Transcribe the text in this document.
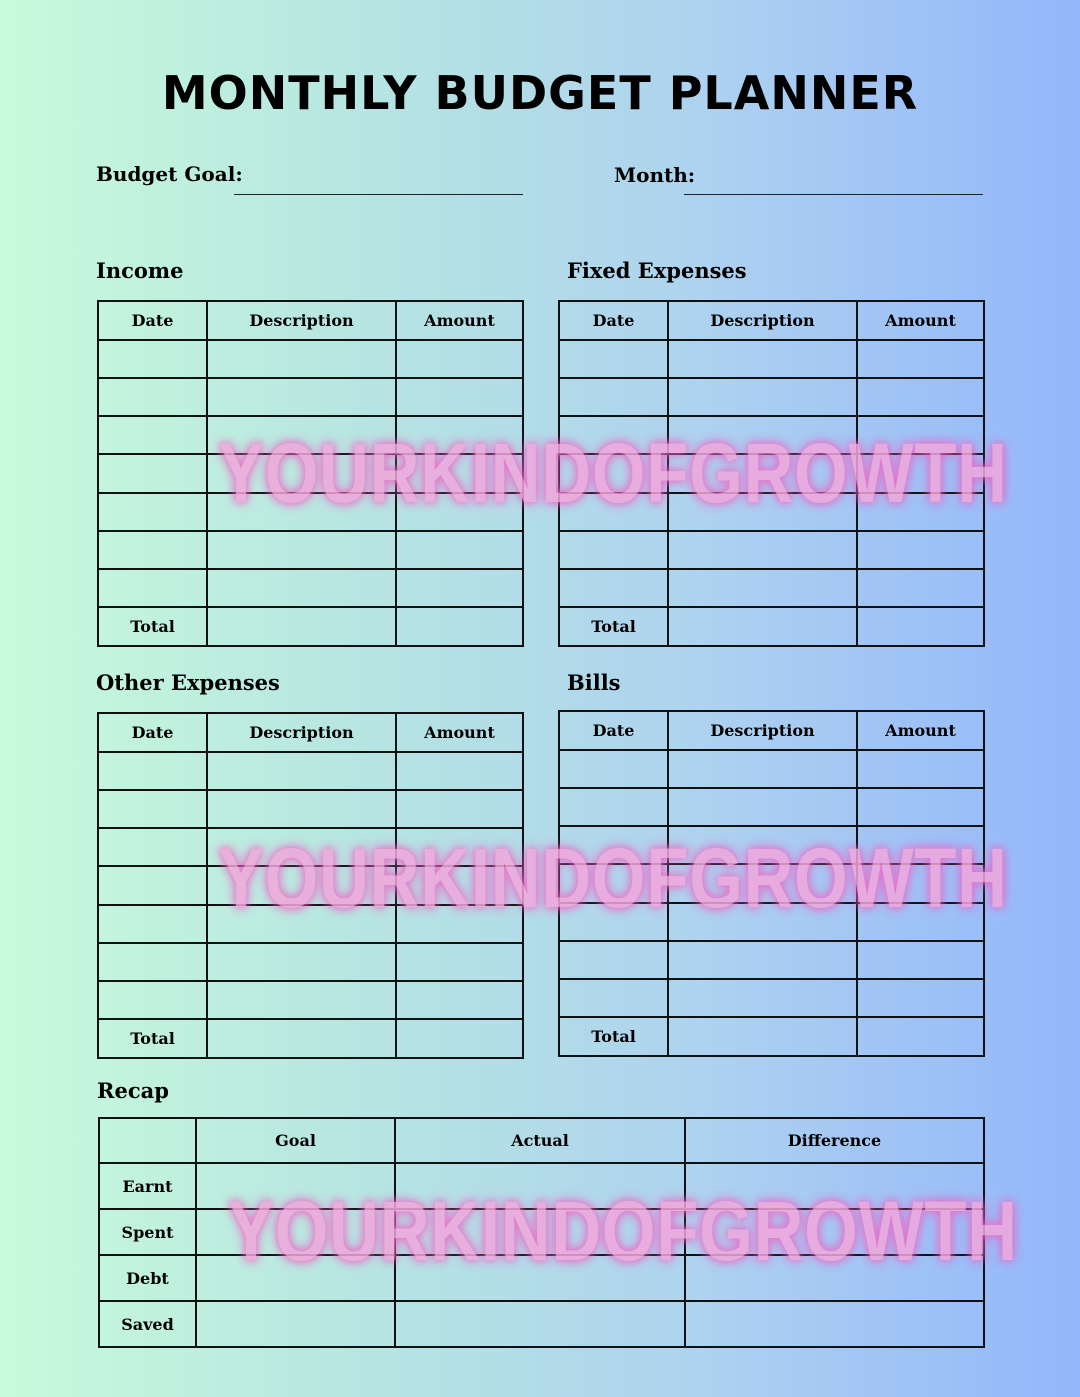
MONTHLY BUDGET PLANNER
Budget Goal:	Month:
Income
Date	Description	Amount

Total		
Fixed Expenses
Date	Description	Amount

Total		
Other Expenses
Date	Description	Amount

Total		
Bills
Date	Description	Amount

Total		
Recap
	Goal	Actual	Difference
Earnt			
Spent			
Debt			
Saved			
YOURKINDOFGROWTH
YOURKINDOFGROWTH
YOURKINDOFGROWTH
